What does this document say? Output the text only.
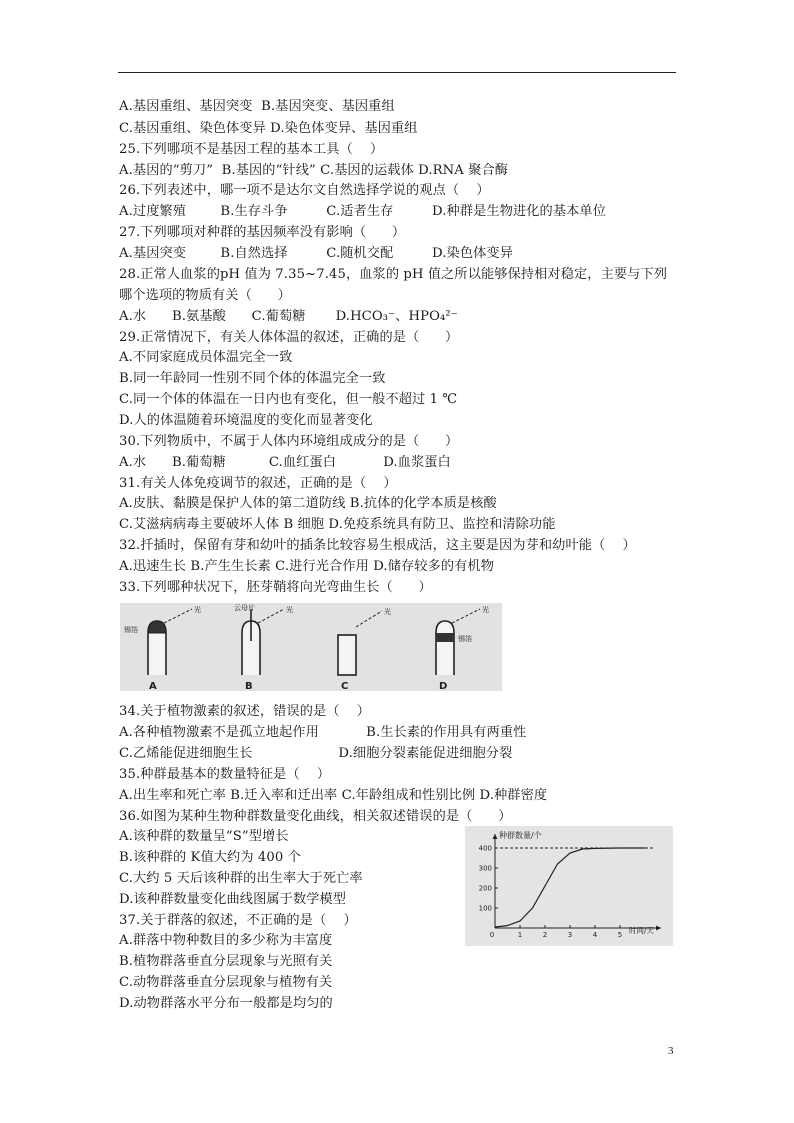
A.基因重组、基因突变  B.基因突变、基因重组
C.基因重组、染色体变异 D.染色体变异、基因重组
25.下列哪项不是基因工程的基本工具（    ）
A.基因的“剪刀”  B.基因的“针线” C.基因的运载体 D.RNA 聚合酶
26.下列表述中，哪一项不是达尔文自然选择学说的观点（    ）
A.过度繁殖        B.生存斗争         C.适者生存         D.种群是生物进化的基本单位
27.下列哪项对种群的基因频率没有影响（      ）
A.基因突变        B.自然选择         C.随机交配         D.染色体变异
28.正常人血浆的pH 值为 7.35~7.45，血浆的 pH 值之所以能够保持相对稳定，主要与下列
哪个选项的物质有关（      ）
A.水      B.氨基酸      C.葡萄糖       D.HCO₃⁻、HPO₄²⁻
29.正常情况下，有关人体体温的叙述，正确的是（      ）
A.不同家庭成员体温完全一致
B.同一年龄同一性别不同个体的体温完全一致
C.同一个体的体温在一日内也有变化，但一般不超过 1 ℃
D.人的体温随着环境温度的变化而显著变化
30.下列物质中，不属于人体内环境组成成分的是（      ）
A.水      B.葡萄糖          C.血红蛋白           D.血浆蛋白
31.有关人体免疫调节的叙述，正确的是（    ）
A.皮肤、黏膜是保护人体的第二道防线 B.抗体的化学本质是核酸
C.艾滋病病毒主要破坏人体 B 细胞 D.免疫系统具有防卫、监控和清除功能
32.扦插时，保留有芽和幼叶的插条比较容易生根成活，这主要是因为芽和幼叶能（    ）
A.迅速生长 B.产生生长素 C.进行光合作用 D.储存较多的有机物
33.下列哪种状况下，胚芽鞘将向光弯曲生长（      ）
34.关于植物激素的叙述，错误的是（    ）
A.各种植物激素不是孤立地起作用           B.生长素的作用具有两重性
C.乙烯能促进细胞生长                    D.细胞分裂素能促进细胞分裂
35.种群最基本的数量特征是（    ）
A.出生率和死亡率 B.迁入率和迁出率 C.年龄组成和性别比例 D.种群密度
36.如图为某种生物种群数量变化曲线，相关叙述错误的是（      ）
A.该种群的数量呈“S”型增长
B.该种群的 K值大约为 400 个
C.大约 5 天后该种群的出生率大于死亡率
D.该种群数量变化曲线图属于数学模型
37.关于群落的叙述，不正确的是（    ）
A.群落中物种数目的多少称为丰富度
B.植物群落垂直分层现象与光照有关
C.动物群落垂直分层现象与植物有关
D.动物群落水平分布一般都是均匀的
锡箔
光
A
云母片	光
B
光
C
锡箔
光
D
100
200
300
400
0	1	2	3	4	5
种群数量/个
时间/天
3
